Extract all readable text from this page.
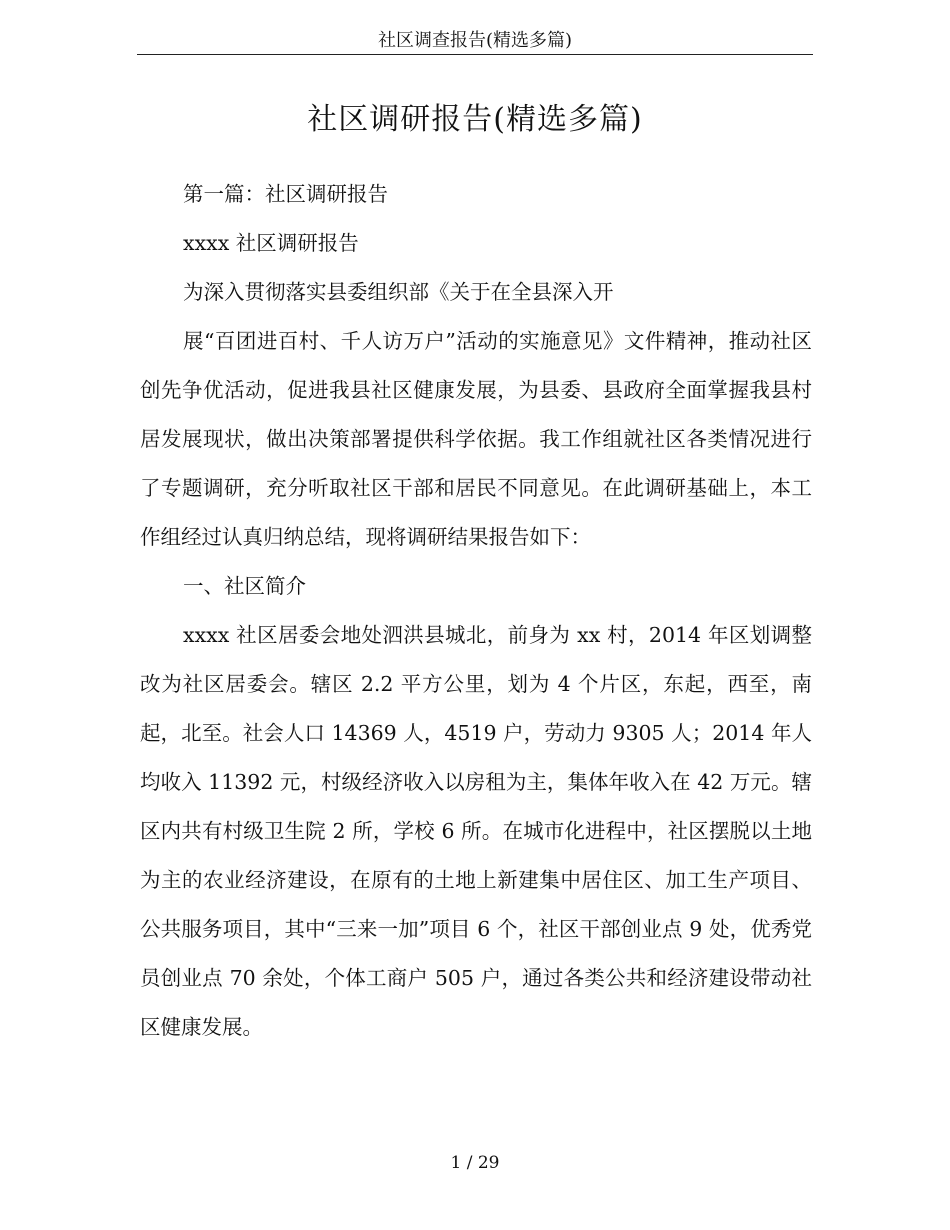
社区调查报告(精选多篇)
社区调研报告(精选多篇)

第一篇：社区调研报告

xxxx 社区调研报告

为深入贯彻落实县委组织部《关于在全县深入开

展“百团进百村、千人访万户”活动的实施意见》文件精神，推动社区创先争优活动，促进我县社区健康发展，为县委、县政府全面掌握我县村居发展现状，做出决策部署提供科学依据。我工作组就社区各类情况进行了专题调研，充分听取社区干部和居民不同意见。在此调研基础上，本工作组经过认真归纳总结，现将调研结果报告如下：

一、社区简介

xxxx 社区居委会地处泗洪县城北，前身为 xx 村，2014 年区划调整改为社区居委会。辖区 2.2 平方公里，划为 4 个片区，东起，西至，南起，北至。社会人口 14369 人，4519 户，劳动力 9305 人；2014 年人均收入 11392 元，村级经济收入以房租为主，集体年收入在 42 万元。辖区内共有村级卫生院 2 所，学校 6 所。在城市化进程中，社区摆脱以土地为主的农业经济建设，在原有的土地上新建集中居住区、加工生产项目、公共服务项目，其中“三来一加”项目 6 个，社区干部创业点 9 处，优秀党员创业点 70 余处，个体工商户 505 户，通过各类公共和经济建设带动社区健康发展。

1 / 29
